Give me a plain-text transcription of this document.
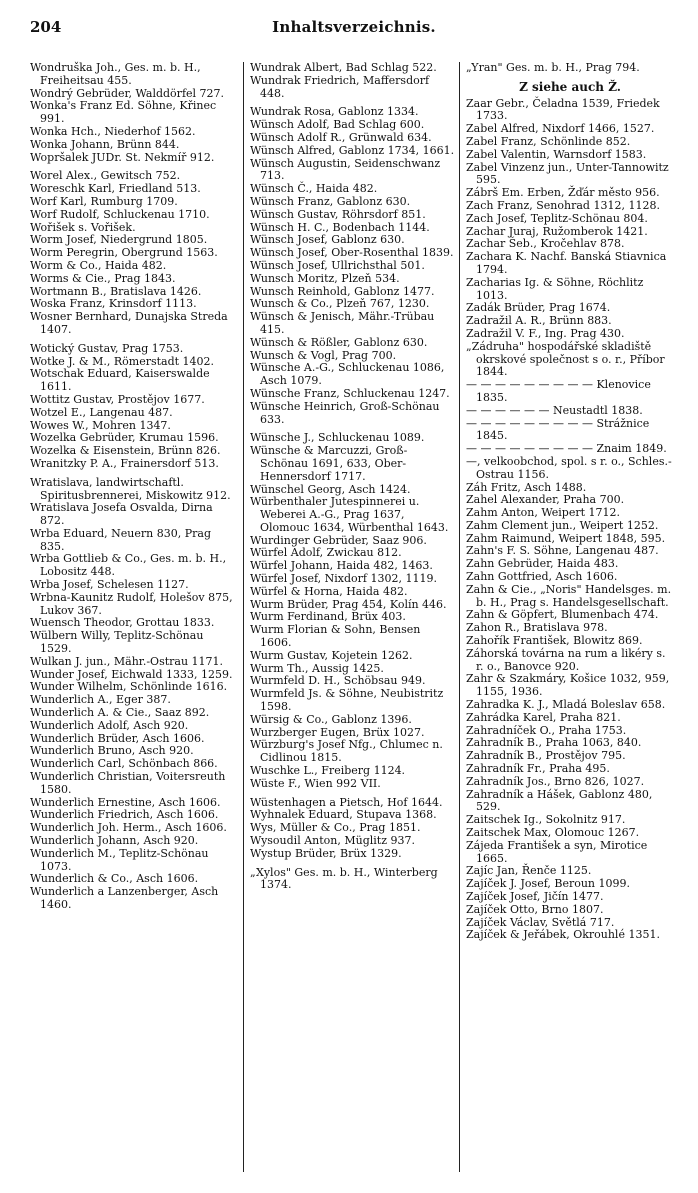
204	Inhaltsverzeichnis.
Wondruška Joh., Ges. m. b. H., Freiheitsau 455.
Wondrý Gebrüder, Walddörfel 727.
Wonka's Franz Ed. Söhne, Křinec 991.
Wonka Hch., Niederhof 1562.
Wonka Johann, Brünn 844.
Wopršalek JUDr. St. Nekmíř 912.
Worel Alex., Gewitsch 752.
Woreschk Karl, Friedland 513.
Worf Karl, Rumburg 1709.
Worf Rudolf, Schluckenau 1710.
Wořišek s. Vořišek.
Worm Josef, Niedergrund 1805.
Worm Peregrin, Obergrund 1563.
Worm & Co., Haida 482.
Worms & Cie., Prag 1843.
Wortmann B., Bratislava 1426.
Woska Franz, Krinsdorf 1113.
Wosner Bernhard, Dunajska Streda 1407.
Wotický Gustav, Prag 1753.
Wotke J. & M., Römerstadt 1402.
Wotschak Eduard, Kaiserswalde 1611.
Wottitz Gustav, Prostějov 1677.
Wotzel E., Langenau 487.
Wowes W., Mohren 1347.
Wozelka Gebrüder, Krumau 1596.
Wozelka & Eisenstein, Brünn 826.
Wranitzky P. A., Frainersdorf 513.
Wratislava, landwirtschaftl. Spiritusbrennerei, Miskowitz 912.
Wratislava Josefa Osvalda, Dirna 872.
Wrba Eduard, Neuern 830, Prag 835.
Wrba Gottlieb & Co., Ges. m. b. H., Lobositz 448.
Wrba Josef, Schelesen 1127.
Wrbna-Kaunitz Rudolf, Holešov 875, Lukov 367.
Wuensch Theodor, Grottau 1833.
Wülbern Willy, Teplitz-Schönau 1529.
Wulkan J. jun., Mähr.-Ostrau 1171.
Wunder Josef, Eichwald 1333, 1259.
Wunder Wilhelm, Schönlinde 1616.
Wunderlich A., Eger 387.
Wunderlich A. & Cie., Saaz 892.
Wunderlich Adolf, Asch 920.
Wunderlich Brüder, Asch 1606.
Wunderlich Bruno, Asch 920.
Wunderlich Carl, Schönbach 866.
Wunderlich Christian, Voitersreuth 1580.
Wunderlich Ernestine, Asch 1606.
Wunderlich Friedrich, Asch 1606.
Wunderlich Joh. Herm., Asch 1606.
Wunderlich Johann, Asch 920.
Wunderlich M., Teplitz-Schönau 1073.
Wunderlich & Co., Asch 1606.
Wunderlich a Lanzenberger, Asch 1460.
Wundrak Albert, Bad Schlag 522.
Wundrak Friedrich, Maffersdorf 448.
Wundrak Rosa, Gablonz 1334.
Wünsch Adolf, Bad Schlag 600.
Wünsch Adolf R., Grünwald 634.
Wünsch Alfred, Gablonz 1734, 1661.
Wünsch Augustin, Seidenschwanz 713.
Wünsch Č., Haida 482.
Wünsch Franz, Gablonz 630.
Wünsch Gustav, Röhrsdorf 851.
Wünsch H. C., Bodenbach 1144.
Wünsch Josef, Gablonz 630.
Wünsch Josef, Ober-Rosenthal 1839.
Wünsch Josef, Ullrichsthal 501.
Wunsch Moritz, Plzeň 534.
Wunsch Reinhold, Gablonz 1477.
Wunsch & Co., Plzeň 767, 1230.
Wünsch & Jenisch, Mähr.-Trübau 415.
Wünsch & Rößler, Gablonz 630.
Wunsch & Vogl, Prag 700.
Wünsche A.-G., Schluckenau 1086, Asch 1079.
Wünsche Franz, Schluckenau 1247.
Wünsche Heinrich, Groß-Schönau 633.
Wünsche J., Schluckenau 1089.
Wünsche & Marcuzzi, Groß-Schönau 1691, 633, Ober-Hennersdorf 1717.
Wünschel Georg, Asch 1424.
Würbenthaler Jutespinnerei u. Weberei A.-G., Prag 1637, Olomouc 1634, Würbenthal 1643.
Wurdinger Gebrüder, Saaz 906.
Würfel Adolf, Zwickau 812.
Würfel Johann, Haida 482, 1463.
Würfel Josef, Nixdorf 1302, 1119.
Würfel & Horna, Haida 482.
Wurm Brüder, Prag 454, Kolín 446.
Wurm Ferdinand, Brüx 403.
Wurm Florian & Sohn, Bensen 1606.
Wurm Gustav, Kojetein 1262.
Wurm Th., Aussig 1425.
Wurmfeld D. H., Schöbsau 949.
Wurmfeld Js. & Söhne, Neubistritz 1598.
Würsig & Co., Gablonz 1396.
Wurzberger Eugen, Brüx 1027.
Würzburg's Josef Nfg., Chlumec n. Cidlinou 1815.
Wuschke L., Freiberg 1124.
Wüste F., Wien 992 VII.
Wüstenhagen a Pietsch, Hof 1644.
Wyhnalek Eduard, Stupava 1368.
Wys, Müller & Co., Prag 1851.
Wysoudil Anton, Müglitz 937.
Wystup Brüder, Brüx 1329.
„Xylos" Ges. m. b. H., Winterberg 1374.
„Yran" Ges. m. b. H., Prag 794.
Z siehe auch Ž.
Zaar Gebr., Čeladna 1539, Friedek 1733.
Zabel Alfred, Nixdorf 1466, 1527.
Zabel Franz, Schönlinde 852.
Zabel Valentin, Warnsdorf 1583.
Zabel Vinzenz jun., Unter-Tannowitz 595.
Zábrš Em. Erben, Žďár město 956.
Zach Franz, Senohrad 1312, 1128.
Zach Josef, Teplitz-Schönau 804.
Zachar Juraj, Ružomberok 1421.
Zachar Šeb., Kročehlav 878.
Zachara K. Nachf. Banská Stiavnica 1794.
Zacharias Ig. & Söhne, Röchlitz 1013.
Zadák Brüder, Prag 1674.
Zadražil A. R., Brünn 883.
Zadražil V. F., Ing. Prag 430.
„Zádruha" hospodářské skladiště okrskové společnost s o. r., Příbor 1844.
— — — — — — — — — Klenovice 1835.
— — — — — — Neustadtl 1838.
— — — — — — — — — Strážnice 1845.
— — — — — — — — — Znaim 1849.
—, velkoobchod, spol. s r. o., Schles.-Ostrau 1156.
Záh Fritz, Asch 1488.
Zahel Alexander, Praha 700.
Zahm Anton, Weipert 1712.
Zahm Clement jun., Weipert 1252.
Zahm Raimund, Weipert 1848, 595.
Zahn's F. S. Söhne, Langenau 487.
Zahn Gebrüder, Haida 483.
Zahn Gottfried, Asch 1606.
Zahn & Cie., „Noris" Handelsges. m. b. H., Prag s. Handelsgesellschaft.
Zahn & Göpfert, Blumenbach 474.
Zahon R., Bratislava 978.
Zahořík František, Blowitz 869.
Záhorská továrna na rum a likéry s. r. o., Banovce 920.
Zahr & Szakmáry, Košice 1032, 959, 1155, 1936.
Zahradka K. J., Mladá Boleslav 658.
Zahrádka Karel, Praha 821.
Zahradníček O., Praha 1753.
Zahradník B., Praha 1063, 840.
Zahradník B., Prostějov 795.
Zahradník Fr., Praha 495.
Zahradník Jos., Brno 826, 1027.
Zahradník a Hášek, Gablonz 480, 529.
Zaitschek Ig., Sokolnitz 917.
Zaitschek Max, Olomouc 1267.
Zájeda František a syn, Mirotice 1665.
Zajíc Jan, Řenče 1125.
Zajíček J. Josef, Beroun 1099.
Zajíček Josef, Jičín 1477.
Zajíček Otto, Brno 1807.
Zajíček Václav, Světlá 717.
Zajíček & Jeřábek, Okrouhlé 1351.
